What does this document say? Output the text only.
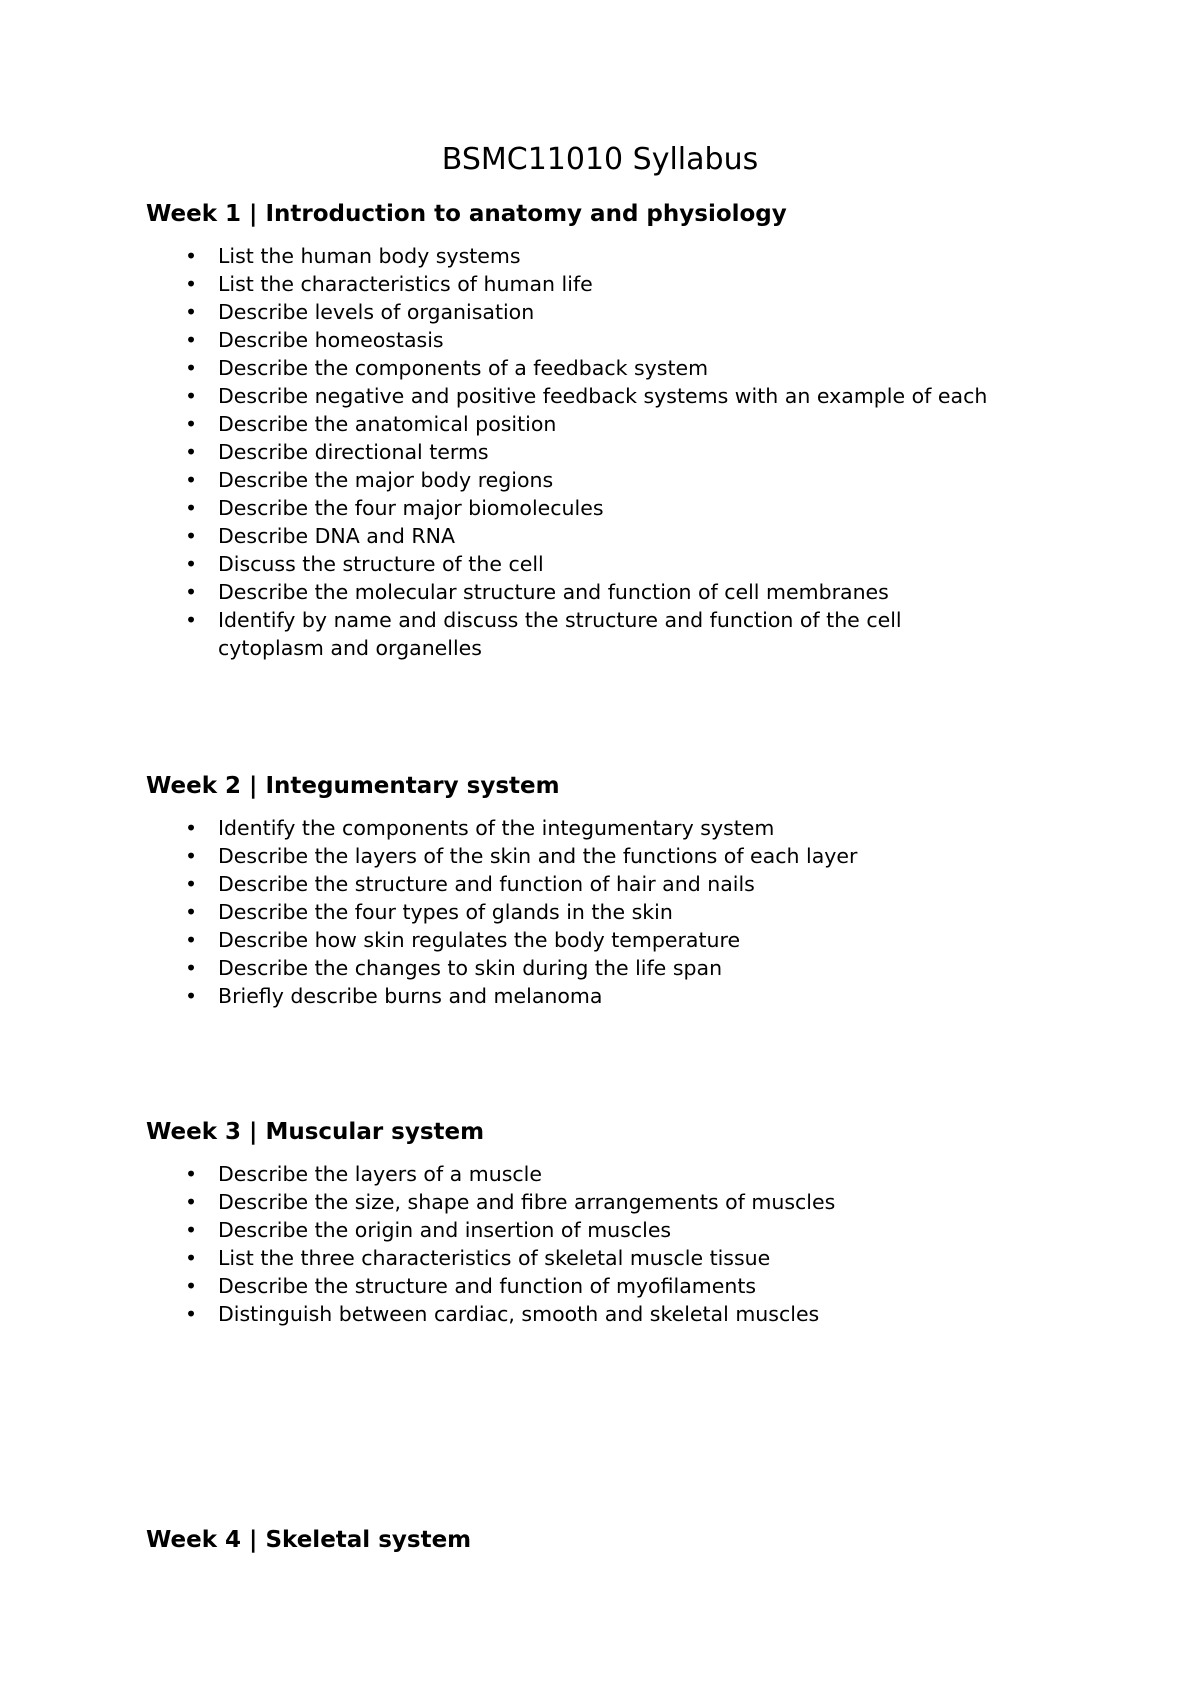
BSMC11010 Syllabus
Week 1 | Introduction to anatomy and physiology
• List the human body systems
• List the characteristics of human life
• Describe levels of organisation
• Describe homeostasis
• Describe the components of a feedback system
• Describe negative and positive feedback systems with an example of each
• Describe the anatomical position
• Describe directional terms
• Describe the major body regions
• Describe the four major biomolecules
• Describe DNA and RNA
• Discuss the structure of the cell
• Describe the molecular structure and function of cell membranes
• Identify by name and discuss the structure and function of the cell
cytoplasm and organelles
Week 2 | Integumentary system
• Identify the components of the integumentary system
• Describe the layers of the skin and the functions of each layer
• Describe the structure and function of hair and nails
• Describe the four types of glands in the skin
• Describe how skin regulates the body temperature
• Describe the changes to skin during the life span
• Briefly describe burns and melanoma
Week 3 | Muscular system
• Describe the layers of a muscle
• Describe the size, shape and fibre arrangements of muscles
• Describe the origin and insertion of muscles
• List the three characteristics of skeletal muscle tissue
• Describe the structure and function of myofilaments
• Distinguish between cardiac, smooth and skeletal muscles
Week 4 | Skeletal system
